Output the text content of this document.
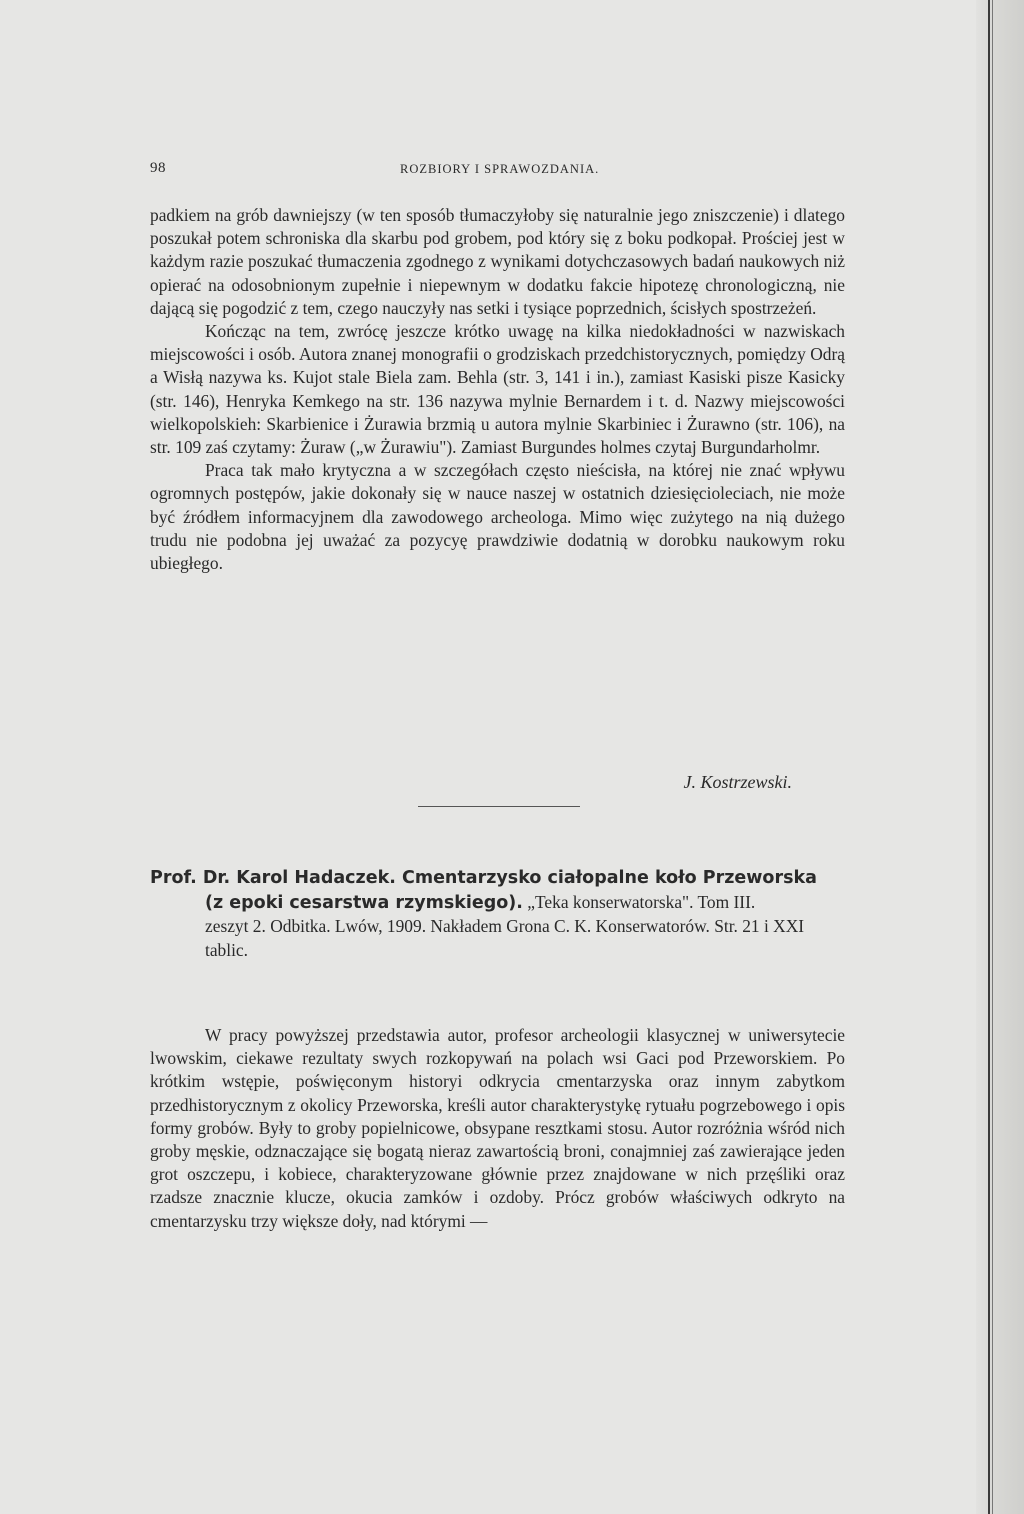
98	ROZBIORY I SPRAWOZDANIA.

padkiem na grób dawniejszy (w ten sposób tłumaczyłoby się naturalnie jego zniszczenie) i dlatego poszukał potem schroniska dla skarbu pod grobem, pod który się z boku podkopał. Prościej jest w każdym razie poszukać tłumaczenia zgodnego z wynikami dotychczasowych badań naukowych niż opierać na odosobnionym zupełnie i niepewnym w dodatku fakcie hipotezę chronologiczną, nie dającą się pogodzić z tem, czego nauczyły nas setki i tysiące poprzednich, ścisłych spostrzeżeń.

Kończąc na tem, zwrócę jeszcze krótko uwagę na kilka niedokładności w nazwiskach miejscowości i osób. Autora znanej monografii o grodziskach przedchistorycznych, pomiędzy Odrą a Wisłą nazywa ks. Kujot stale Biela zam. Behla (str. 3, 141 i in.), zamiast Kasiski pisze Kasicky (str. 146), Henryka Kemkego na str. 136 nazywa mylnie Bernardem i t. d. Nazwy miejscowości wielkopolskieh: Skarbienice i Żurawia brzmią u autora mylnie Skarbiniec i Żurawno (str. 106), na str. 109 zaś czytamy: Żuraw („w Żurawiu"). Zamiast Burgundes holmes czytaj Burgundarholmr.

Praca tak mało krytyczna a w szczegółach często nieścisła, na której nie znać wpływu ogromnych postępów, jakie dokonały się w nauce naszej w ostatnich dziesięcioleciach, nie może być źródłem informacyjnem dla zawodowego archeologa. Mimo więc zużytego na nią dużego trudu nie podobna jej uważać za pozycyę prawdziwie dodatnią w dorobku naukowym roku ubiegłego.

J. Kostrzewski.
Prof. Dr. Karol Hadaczek. Cmentarzysko ciałopalne koło Przeworska
(z epoki cesarstwa rzymskiego). „Teka konserwatorska". Tom III.
zeszyt 2. Odbitka. Lwów, 1909. Nakładem Grona C. K. Konserwatorów. Str. 21 i XXI tablic.

W pracy powyższej przedstawia autor, profesor archeologii klasycznej w uniwersytecie lwowskim, ciekawe rezultaty swych rozkopywań na polach wsi Gaci pod Przeworskiem. Po krótkim wstępie, poświęconym historyi odkrycia cmentarzyska oraz innym zabytkom przedhistorycznym z okolicy Przeworska, kreśli autor charakterystykę rytuału pogrzebowego i opis formy grobów. Były to groby popielnicowe, obsypane resztkami stosu. Autor rozróżnia wśród nich groby męskie, odznaczające się bogatą nieraz zawartością broni, conajmniej zaś zawierające jeden grot oszczepu, i kobiece, charakteryzowane głównie przez znajdowane w nich przęśliki oraz rzadsze znacznie klucze, okucia zamków i ozdoby. Prócz grobów właściwych odkryto na cmentarzysku trzy większe doły, nad którymi —
